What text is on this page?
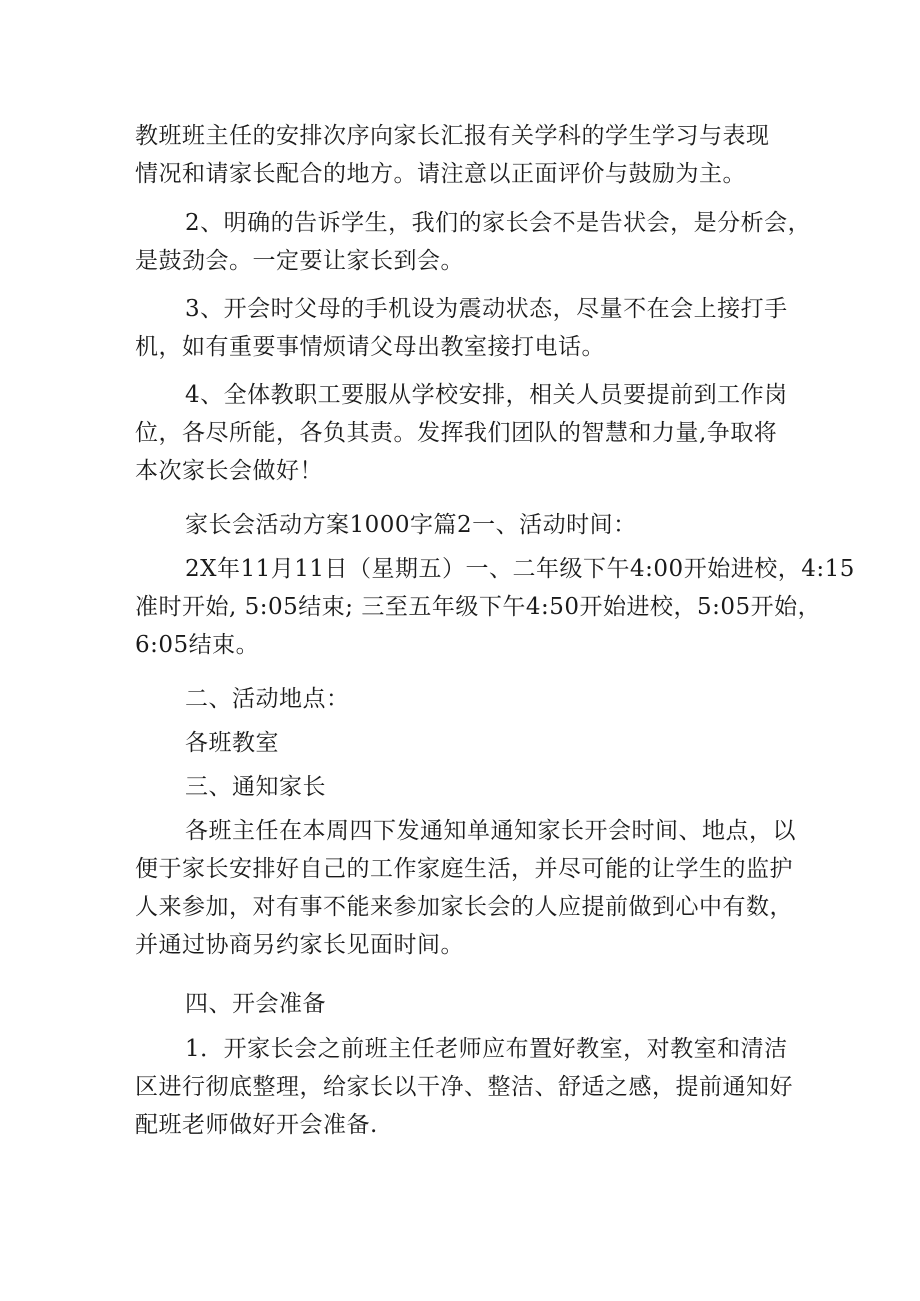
教班班主任的安排次序向家长汇报有关学科的学生学习与表现
情况和请家长配合的地方。请注意以正面评价与鼓励为主。
2、明确的告诉学生，我们的家长会不是告状会，是分析会，
是鼓劲会。一定要让家长到会。
3、开会时父母的手机设为震动状态，尽量不在会上接打手
机，如有重要事情烦请父母出教室接打电话。
4、全体教职工要服从学校安排，相关人员要提前到工作岗
位，各尽所能，各负其责。发挥我们团队的智慧和力量,争取将
本次家长会做好！
家长会活动方案1000字篇2一、活动时间：
2X年11月11日（星期五）一、二年级下午4:00开始进校，4:15
准时开始, 5:05结束; 三至五年级下午4:50开始进校，5:05开始，
6:05结束。
二、活动地点：
各班教室
三、通知家长
各班主任在本周四下发通知单通知家长开会时间、地点，以
便于家长安排好自己的工作家庭生活，并尽可能的让学生的监护
人来参加，对有事不能来参加家长会的人应提前做到心中有数，
并通过协商另约家长见面时间。
四、开会准备
1．开家长会之前班主任老师应布置好教室，对教室和清洁
区进行彻底整理，给家长以干净、整洁、舒适之感，提前通知好
配班老师做好开会准备.
